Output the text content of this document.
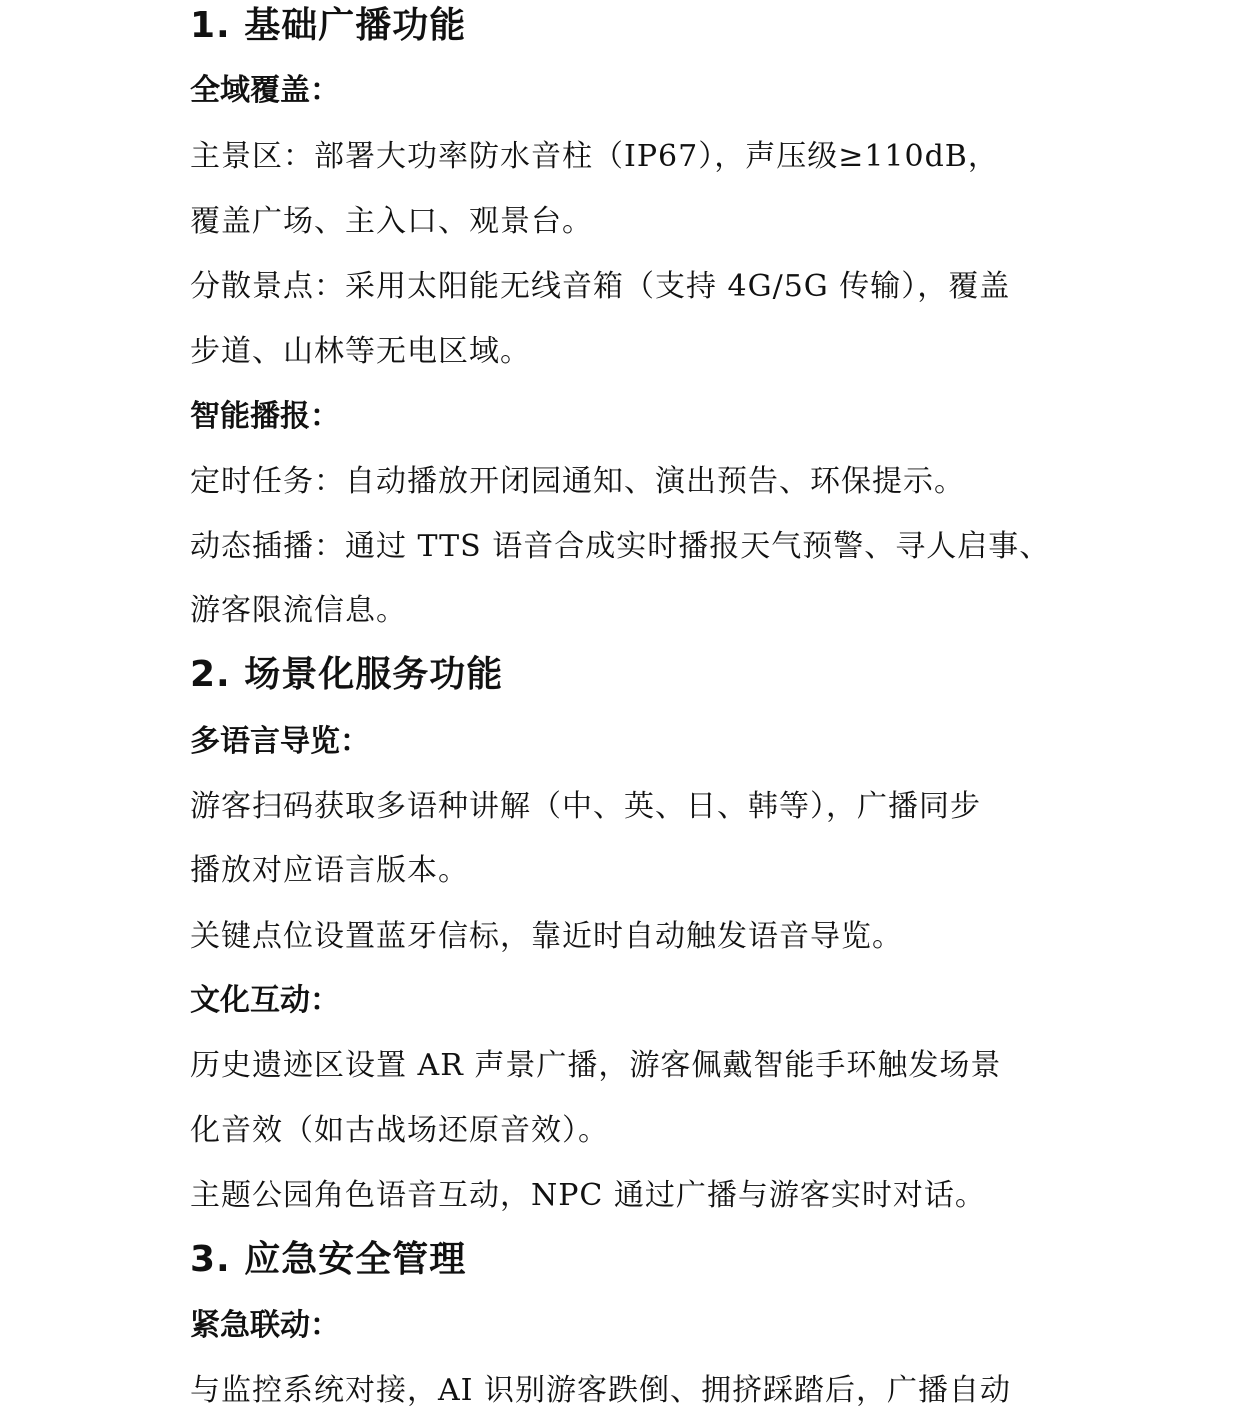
1. 基础广播功能
全域覆盖：
主景区：部署大功率防水音柱（IP67），声压级≥110dB，
覆盖广场、主入口、观景台。
分散景点：采用太阳能无线音箱（支持 4G/5G 传输），覆盖
步道、山林等无电区域。
智能播报：
定时任务：自动播放开闭园通知、演出预告、环保提示。
动态插播：通过 TTS 语音合成实时播报天气预警、寻人启事、
游客限流信息。
2. 场景化服务功能
多语言导览：
游客扫码获取多语种讲解（中、英、日、韩等），广播同步
播放对应语言版本。
关键点位设置蓝牙信标，靠近时自动触发语音导览。
文化互动：
历史遗迹区设置 AR 声景广播，游客佩戴智能手环触发场景
化音效（如古战场还原音效）。
主题公园角色语音互动，NPC 通过广播与游客实时对话。
3. 应急安全管理
紧急联动：
与监控系统对接，AI 识别游客跌倒、拥挤踩踏后，广播自动
